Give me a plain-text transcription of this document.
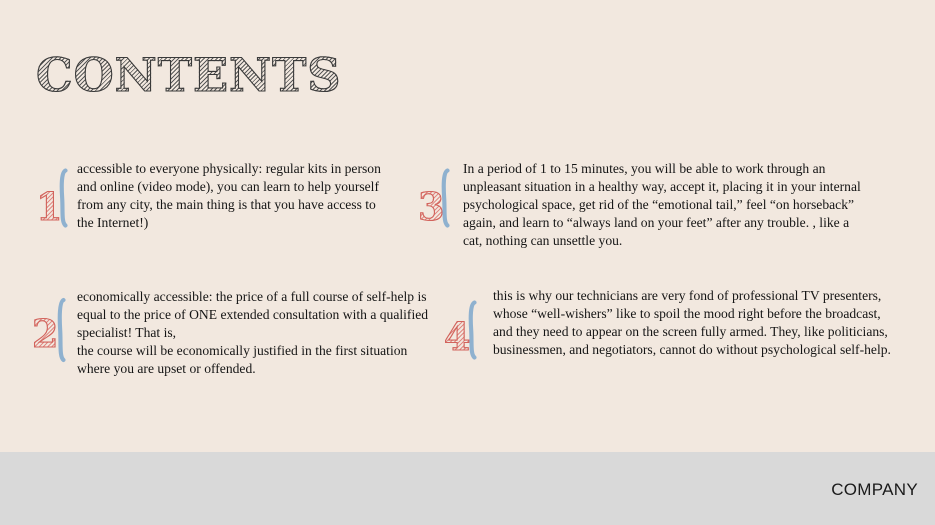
CONTENTS
1
accessible to everyone physically: regular kits in person and online (video mode), you can learn to help yourself from any city, the main thing is that you have access to the Internet!)
2
economically accessible: the price of a full course of self-help is equal to the price of ONE extended consultation with a qualified specialist! That is,
the course will be economically justified in the first situation where you are upset or offended.
3
In a period of 1 to 15 minutes, you will be able to work through an unpleasant situation in a healthy way, accept it, placing it in your internal psychological space, get rid of the “emotional tail,” feel “on horseback” again, and learn to “always land on your feet” after any trouble. , like a cat, nothing can unsettle you.
4
this is why our technicians are very fond of professional TV presenters, whose “well-wishers” like to spoil the mood right before the broadcast, and they need to appear on the screen fully armed. They, like politicians, businessmen, and negotiators, cannot do without psychological self-help.
COMPANY
